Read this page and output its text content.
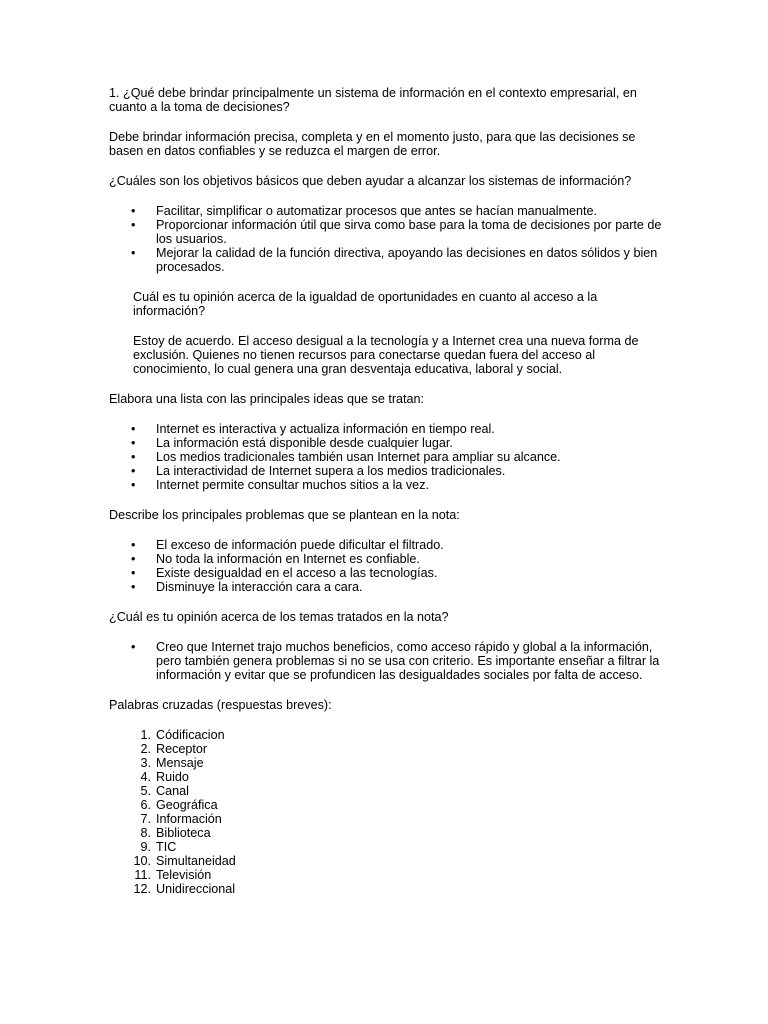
1. ¿Qué debe brindar principalmente un sistema de información en el contexto empresarial, en cuanto a la toma de decisiones?

Debe brindar información precisa, completa y en el momento justo, para que las decisiones se basen en datos confiables y se reduzca el margen de error.

¿Cuáles son los objetivos básicos que deben ayudar a alcanzar los sistemas de información?

• Facilitar, simplificar o automatizar procesos que antes se hacían manualmente.
• Proporcionar información útil que sirva como base para la toma de decisiones por parte de los usuarios.
• Mejorar la calidad de la función directiva, apoyando las decisiones en datos sólidos y bien procesados.

Cuál es tu opinión acerca de la igualdad de oportunidades en cuanto al acceso a la información?

Estoy de acuerdo. El acceso desigual a la tecnología y a Internet crea una nueva forma de exclusión. Quienes no tienen recursos para conectarse quedan fuera del acceso al conocimiento, lo cual genera una gran desventaja educativa, laboral y social.

Elabora una lista con las principales ideas que se tratan:

• Internet es interactiva y actualiza información en tiempo real.
• La información está disponible desde cualquier lugar.
• Los medios tradicionales también usan Internet para ampliar su alcance.
• La interactividad de Internet supera a los medios tradicionales.
• Internet permite consultar muchos sitios a la vez.

Describe los principales problemas que se plantean en la nota:

• El exceso de información puede dificultar el filtrado.
• No toda la información en Internet es confiable.
• Existe desigualdad en el acceso a las tecnologías.
• Disminuye la interacción cara a cara.

¿Cuál es tu opinión acerca de los temas tratados en la nota?

• Creo que Internet trajo muchos beneficios, como acceso rápido y global a la información, pero también genera problemas si no se usa con criterio. Es importante enseñar a filtrar la información y evitar que se profundicen las desigualdades sociales por falta de acceso.

Palabras cruzadas (respuestas breves):

1. Códificacion
2. Receptor
3. Mensaje
4. Ruido
5. Canal
6. Geográfica
7. Información
8. Biblioteca
9. TIC
10. Simultaneidad
11. Televisión
12. Unidireccional
